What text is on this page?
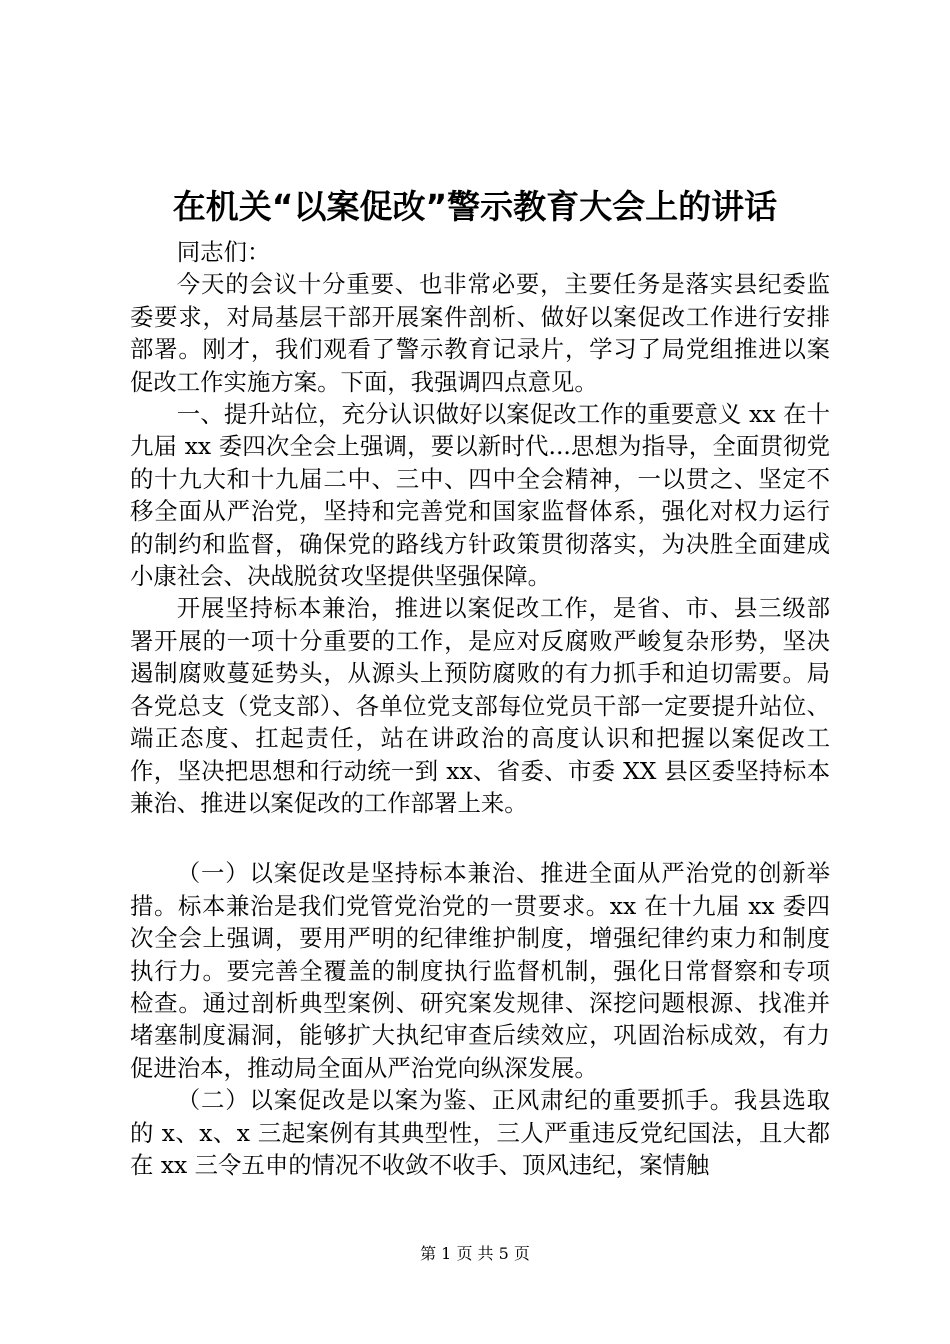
在机关“以案促改”警示教育大会上的讲话

同志们：

今天的会议十分重要、也非常必要，主要任务是落实县纪委监委要求，对局基层干部开展案件剖析、做好以案促改工作进行安排部署。刚才，我们观看了警示教育记录片，学习了局党组推进以案促改工作实施方案。下面，我强调四点意见。

一、提升站位，充分认识做好以案促改工作的重要意义 xx 在十九届 xx 委四次全会上强调，要以新时代...思想为指导，全面贯彻党的十九大和十九届二中、三中、四中全会精神，一以贯之、坚定不移全面从严治党，坚持和完善党和国家监督体系，强化对权力运行的制约和监督，确保党的路线方针政策贯彻落实，为决胜全面建成小康社会、决战脱贫攻坚提供坚强保障。

开展坚持标本兼治，推进以案促改工作，是省、市、县三级部署开展的一项十分重要的工作，是应对反腐败严峻复杂形势，坚决遏制腐败蔓延势头，从源头上预防腐败的有力抓手和迫切需要。局各党总支（党支部）、各单位党支部每位党员干部一定要提升站位、端正态度、扛起责任，站在讲政治的高度认识和把握以案促改工作，坚决把思想和行动统一到 xx、省委、市委 XX 县区委坚持标本兼治、推进以案促改的工作部署上来。

（一）以案促改是坚持标本兼治、推进全面从严治党的创新举措。标本兼治是我们党管党治党的一贯要求。xx 在十九届 xx 委四次全会上强调，要用严明的纪律维护制度，增强纪律约束力和制度执行力。要完善全覆盖的制度执行监督机制，强化日常督察和专项检查。通过剖析典型案例、研究案发规律、深挖问题根源、找准并堵塞制度漏洞，能够扩大执纪审查后续效应，巩固治标成效，有力促进治本，推动局全面从严治党向纵深发展。

（二）以案促改是以案为鉴、正风肃纪的重要抓手。我县选取的 x、x、x 三起案例有其典型性，三人严重违反党纪国法，且大都在 xx 三令五申的情况不收敛不收手、顶风违纪，案情触

第 1 页 共 5 页
